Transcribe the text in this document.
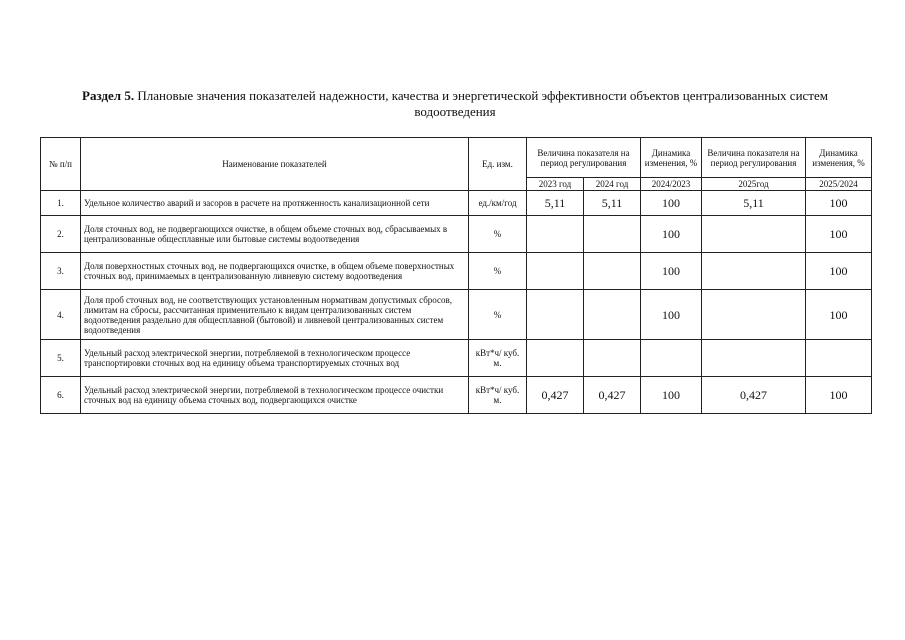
Раздел 5. Плановые значения показателей надежности, качества и энергетической эффективности объектов централизованных систем водоотведения
№ п/п	Наименование показателей	Ед. изм.	Величина показателя на период регулирования		Динамика изменения, %	Величина показателя на период регулирования	Динамика изменения, %
			2023 год	2024 год	2024/2023	2025год	2025/2024
1.	Удельное количество аварий и засоров в расчете на протяженность канализационной сети	ед./км/год	5,11	5,11	100	5,11	100
2.	Доля сточных вод, не подвергающихся очистке, в общем объеме сточных вод, сбрасываемых в централизованные общесплавные или бытовые системы водоотведения	%			100		100
3.	Доля поверхностных сточных вод, не подвергающихся очистке, в общем объеме поверхностных сточных вод, принимаемых в централизованную ливневую систему водоотведения	%			100		100
4.	Доля проб сточных вод, не соответствующих установленным нормативам допустимых сбросов, лимитам на сбросы, рассчитанная применительно к видам централизованных систем водоотведения раздельно для общесплавной (бытовой) и ливневой централизованных систем водоотведения	%			100		100
5.	Удельный расход электрической энергии, потребляемой в технологическом процессе транспортировки сточных вод на единицу объема транспортируемых сточных вод	кВт*ч/ куб. м.					
6.	Удельный расход электрической энергии, потребляемой в технологическом процессе очистки сточных вод на единицу объема сточных вод, подвергающихся очистке	кВт*ч/ куб. м.	0,427	0,427	100	0,427	100
